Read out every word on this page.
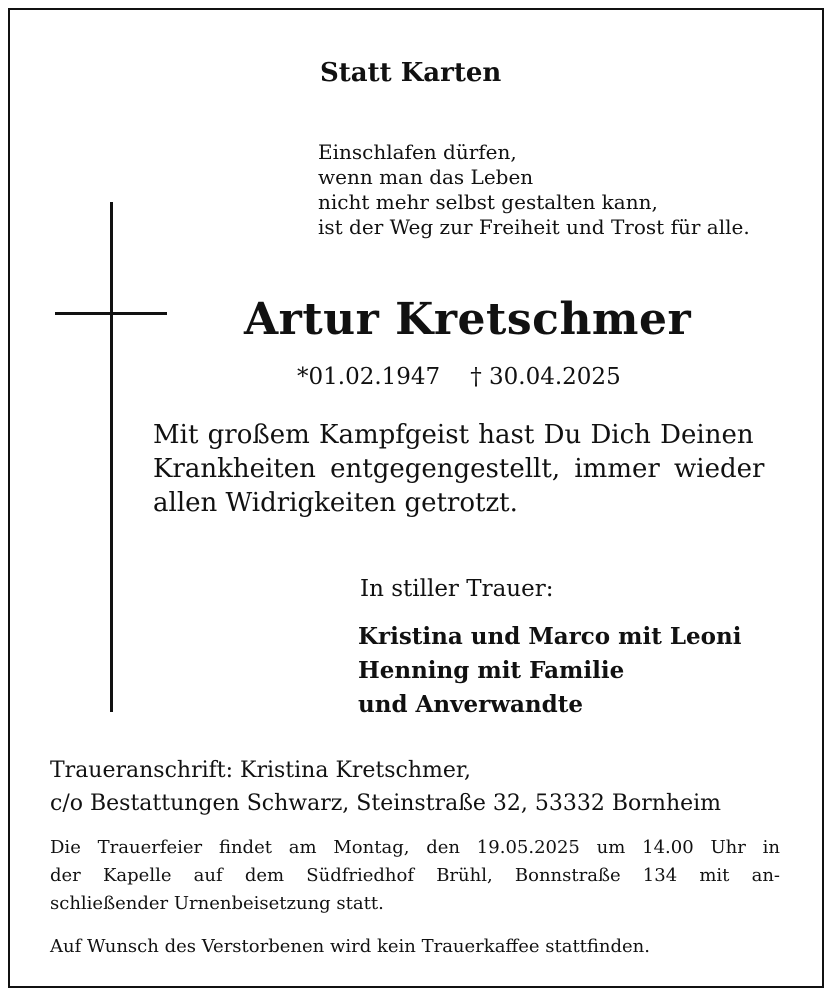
Statt Karten
Einschlafen dürfen,
wenn man das Leben
nicht mehr selbst gestalten kann,
ist der Weg zur Freiheit und Trost für alle.
Artur Kretschmer
*01.02.1947 † 30.04.2025
Mit großem Kampfgeist hast Du Dich Deinen
Krankheiten entgegengestellt, immer wieder
allen Widrigkeiten getrotzt.
In stiller Trauer:
Kristina und Marco mit Leoni
Henning mit Familie
und Anverwandte
Traueranschrift: Kristina Kretschmer,
c/o Bestattungen Schwarz, Steinstraße 32, 53332 Bornheim
Die Trauerfeier findet am Montag, den 19.05.2025 um 14.00 Uhr in
der Kapelle auf dem Südfriedhof Brühl, Bonnstraße 134 mit an-
schließender Urnenbeisetzung statt.
Auf Wunsch des Verstorbenen wird kein Trauerkaffee stattfinden.
